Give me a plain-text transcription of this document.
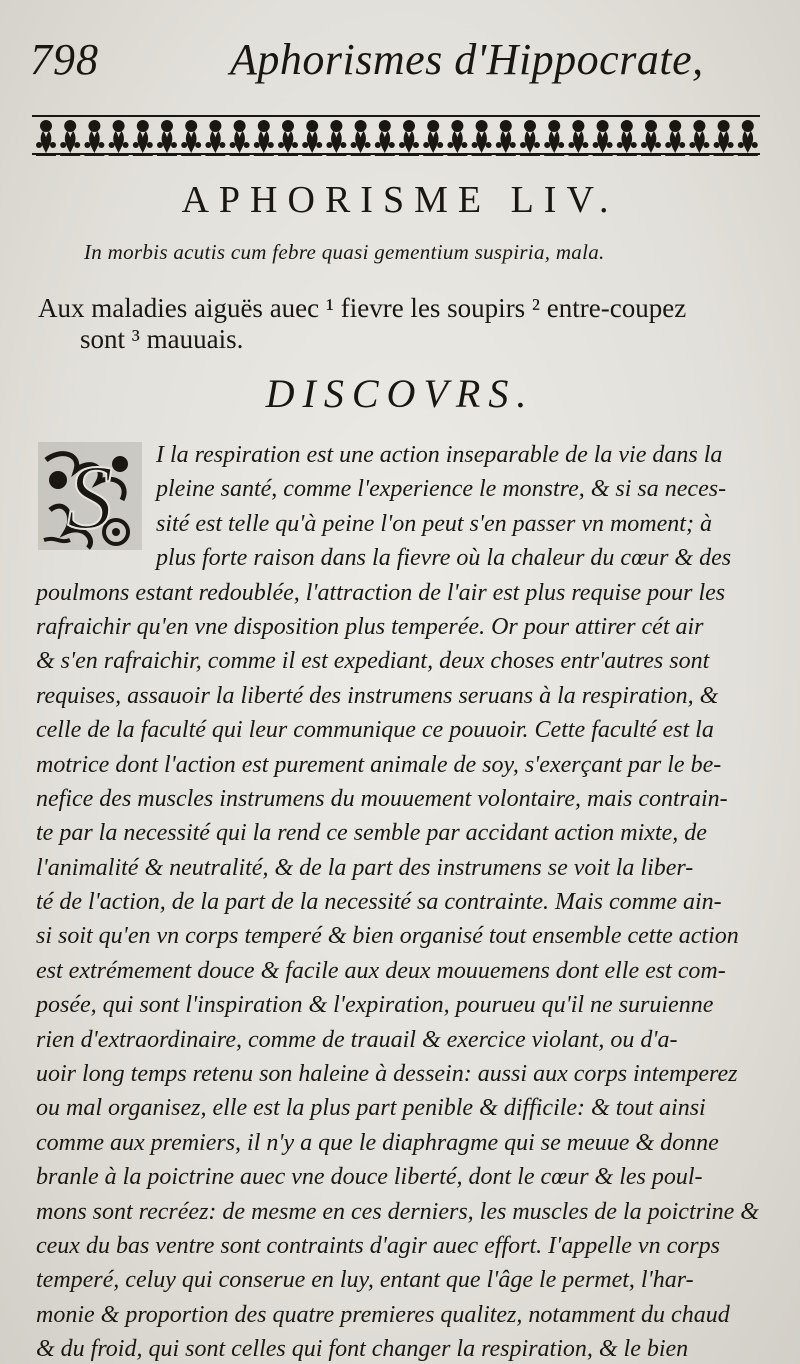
798	Aphorismes d'Hippocrate,
APHORISME LIV.
In morbis acutis cum febre quasi gementium suspiria, mala.
Aux maladies aiguës auec ¹ fievre les soupirs ² entre-coupez
sont ³ mauuais.
DISCOVRS.
S	I la respiration est une action inseparable de la vie dans la
pleine santé, comme l'experience le monstre, & si sa neces-
sité est telle qu'à peine l'on peut s'en passer vn moment; à
plus forte raison dans la fievre où la chaleur du cœur & des
poulmons estant redoublée, l'attraction de l'air est plus requise pour les
rafraichir qu'en vne disposition plus temperée. Or pour attirer cét air
& s'en rafraichir, comme il est expediant, deux choses entr'autres sont
requises, assauoir la liberté des instrumens seruans à la respiration, &
celle de la faculté qui leur communique ce pouuoir. Cette faculté est la
motrice dont l'action est purement animale de soy, s'exerçant par le be-
nefice des muscles instrumens du mouuement volontaire, mais contrain-
te par la necessité qui la rend ce semble par accidant action mixte, de
l'animalité & neutralité, & de la part des instrumens se voit la liber-
té de l'action, de la part de la necessité sa contrainte. Mais comme ain-
si soit qu'en vn corps temperé & bien organisé tout ensemble cette action
est extrémement douce & facile aux deux mouuemens dont elle est com-
posée, qui sont l'inspiration & l'expiration, pourueu qu'il ne suruienne
rien d'extraordinaire, comme de trauail & exercice violant, ou d'a-
uoir long temps retenu son haleine à dessein: aussi aux corps intemperez
ou mal organisez, elle est la plus part penible & difficile: & tout ainsi
comme aux premiers, il n'y a que le diaphragme qui se meuue & donne
branle à la poictrine auec vne douce liberté, dont le cœur & les poul-
mons sont recréez: de mesme en ces derniers, les muscles de la poictrine &
ceux du bas ventre sont contraints d'agir auec effort. I'appelle vn corps
temperé, celuy qui conserue en luy, entant que l'âge le permet, l'har-
monie & proportion des quatre premieres qualitez, notamment du chaud
& du froid, qui sont celles qui font changer la respiration, & le bien
